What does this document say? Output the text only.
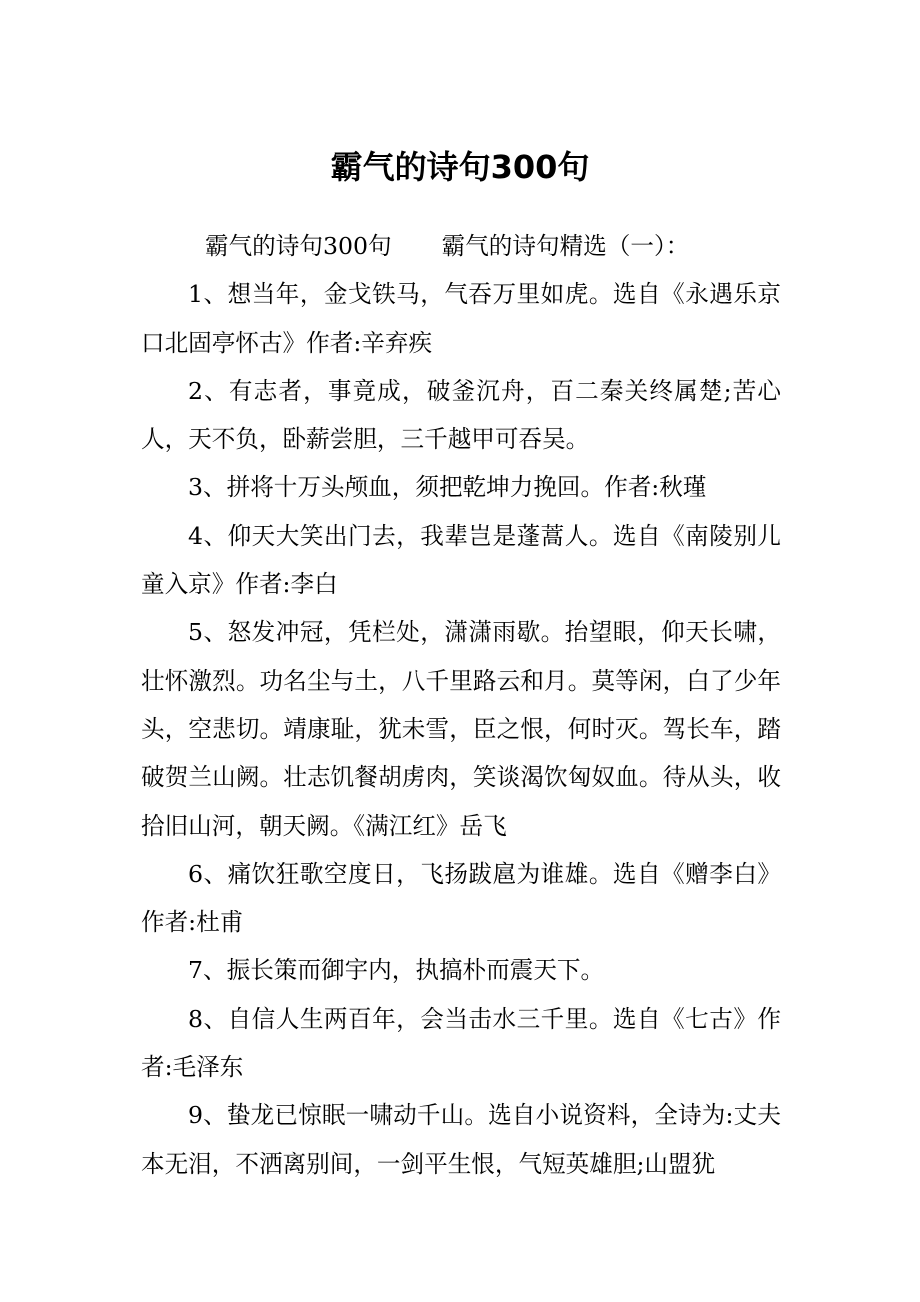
霸气的诗句300句

霸气的诗句300句 霸气的诗句精选（一）：

1、想当年，金戈铁马，气吞万里如虎。选自《永遇乐京口北固亭怀古》作者:辛弃疾

2、有志者，事竟成，破釜沉舟，百二秦关终属楚;苦心人，天不负，卧薪尝胆，三千越甲可吞吴。

3、拼将十万头颅血，须把乾坤力挽回。作者:秋瑾

4、仰天大笑出门去，我辈岂是蓬蒿人。选自《南陵别儿童入京》作者:李白

5、怒发冲冠，凭栏处，潇潇雨歇。抬望眼，仰天长啸，壮怀激烈。功名尘与土，八千里路云和月。莫等闲，白了少年头，空悲切。靖康耻，犹未雪，臣之恨，何时灭。驾长车，踏破贺兰山阙。壮志饥餐胡虏肉，笑谈渴饮匈奴血。待从头，收拾旧山河，朝天阙。《满江红》岳飞

6、痛饮狂歌空度日，飞扬跋扈为谁雄。选自《赠李白》作者:杜甫

7、振长策而御宇内，执搞朴而震天下。

8、自信人生两百年，会当击水三千里。选自《七古》作者:毛泽东

9、蛰龙已惊眠一啸动千山。选自小说资料，全诗为:丈夫本无泪，不洒离别间，一剑平生恨，气短英雄胆;山盟犹
